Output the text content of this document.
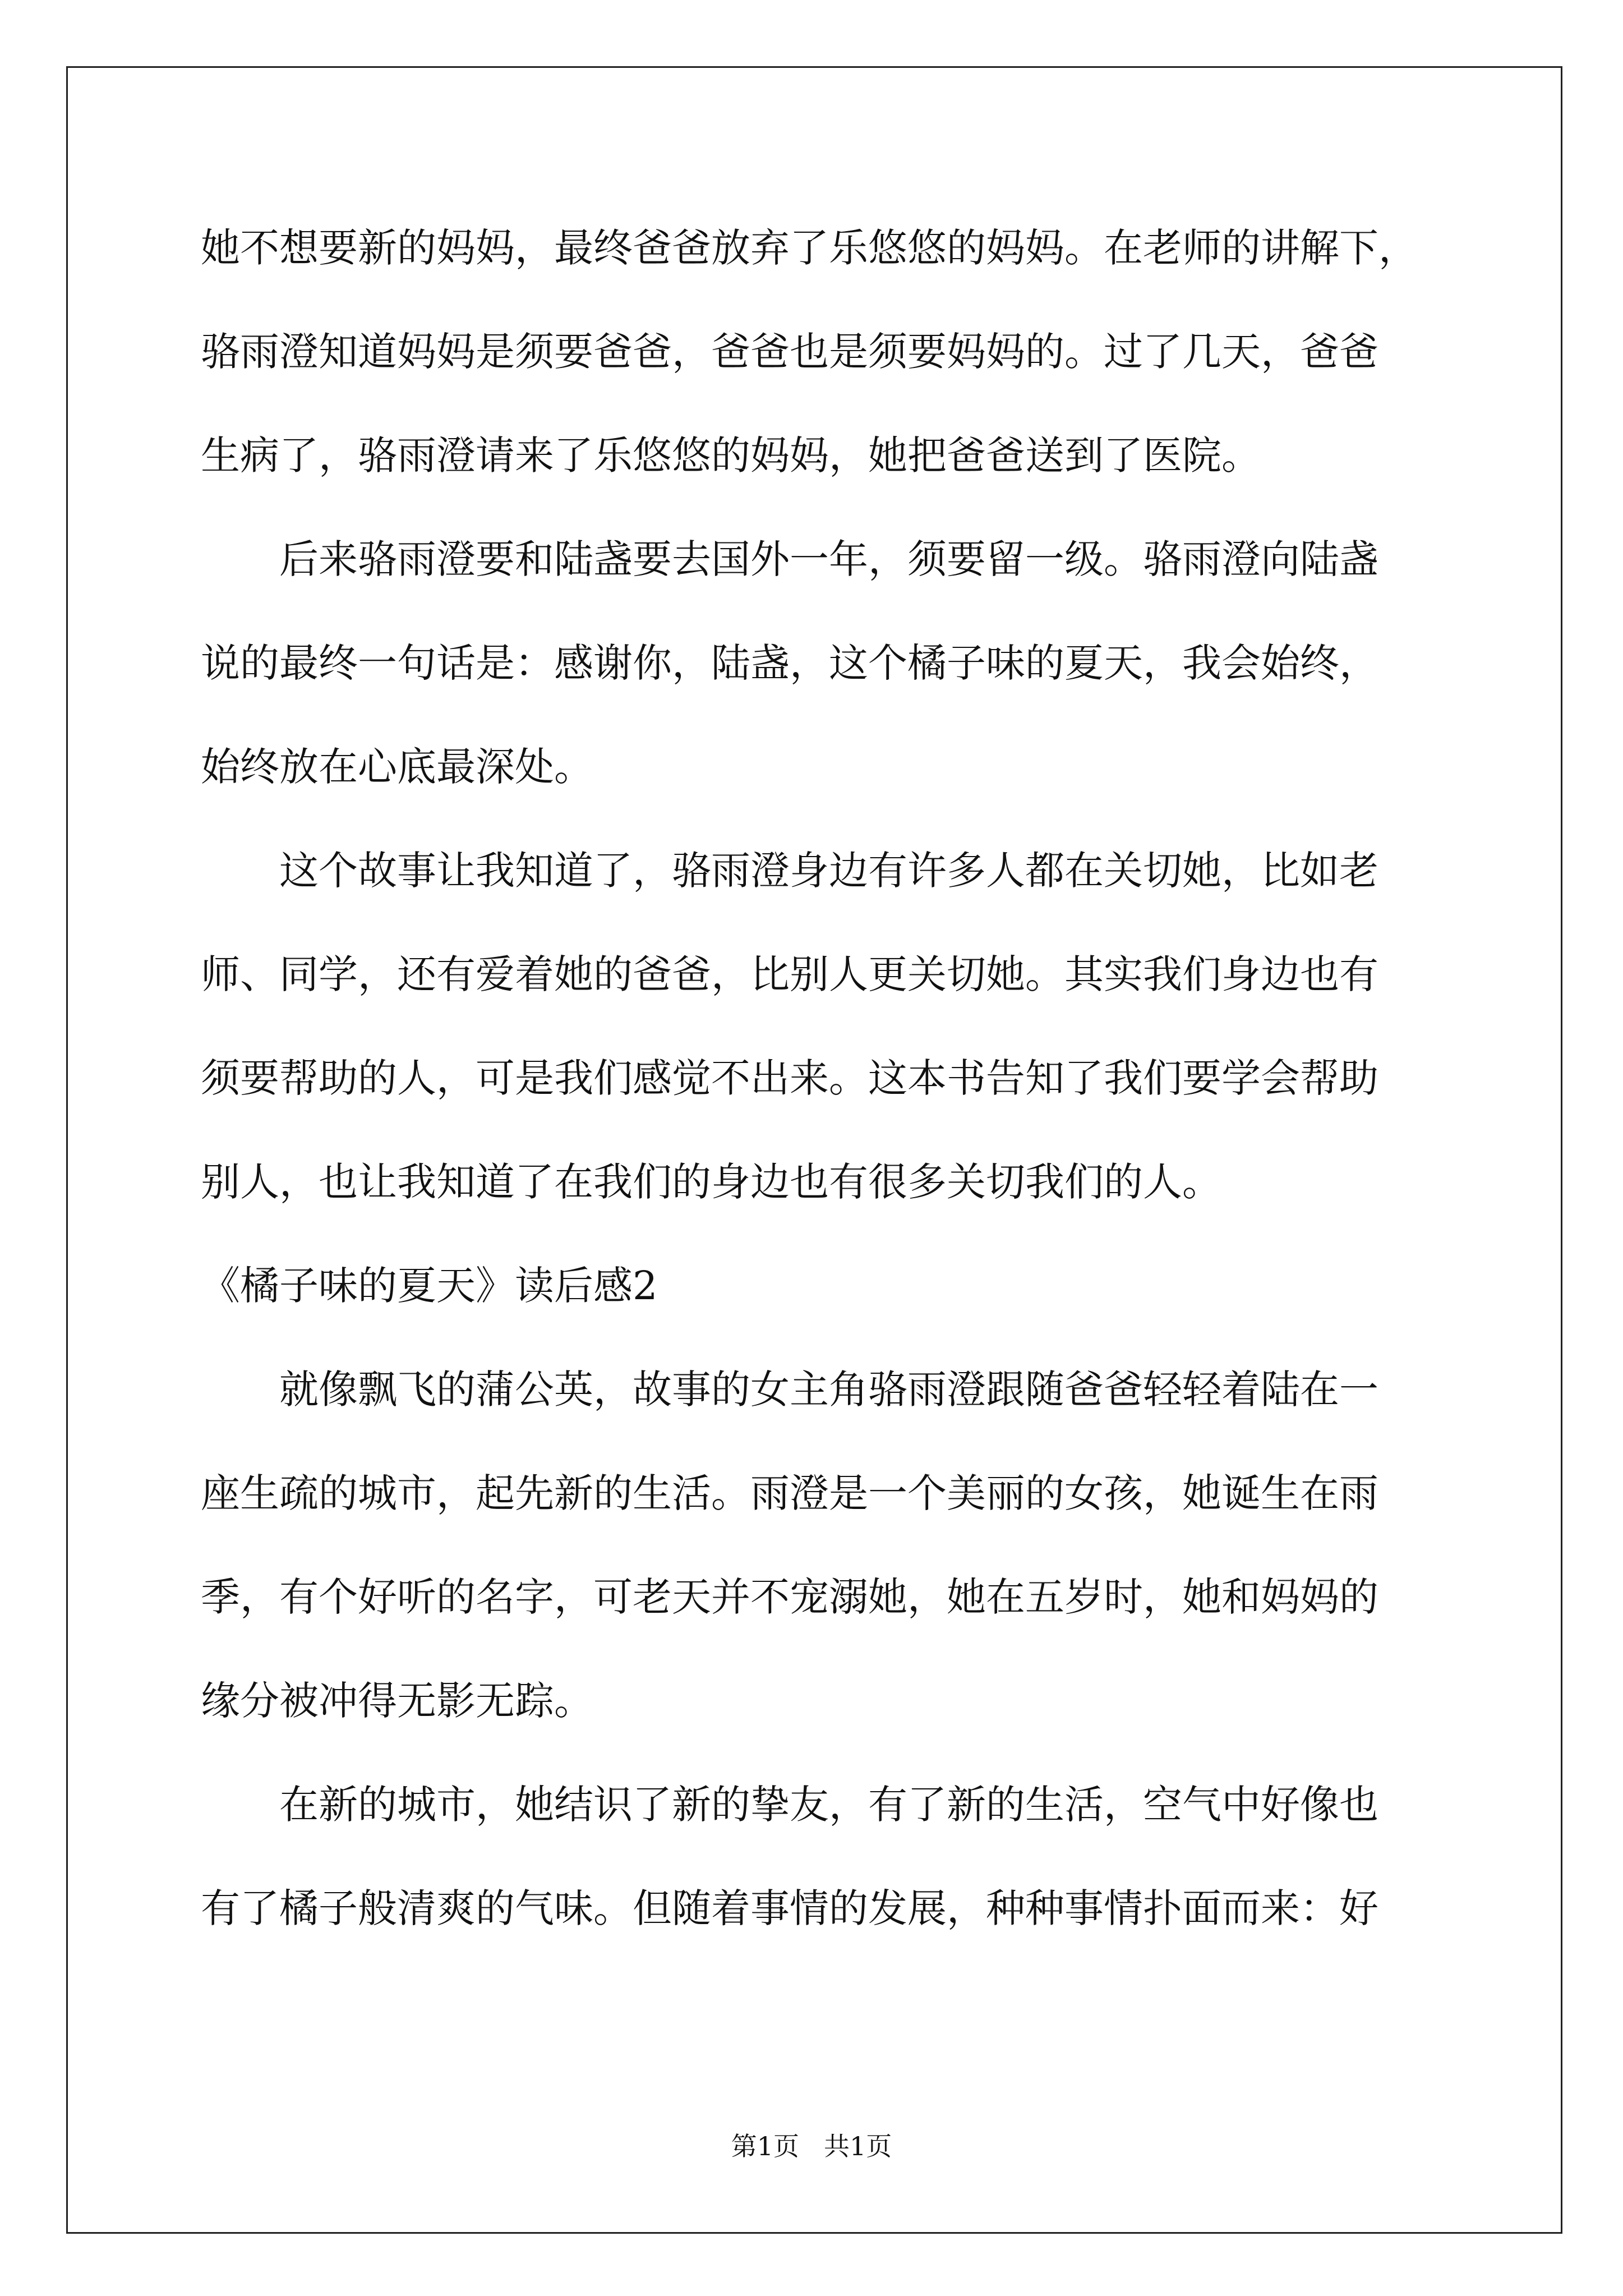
她不想要新的妈妈，最终爸爸放弃了乐悠悠的妈妈。在老师的讲解下，
骆雨澄知道妈妈是须要爸爸，爸爸也是须要妈妈的。过了几天，爸爸
生病了，骆雨澄请来了乐悠悠的妈妈，她把爸爸送到了医院。
后来骆雨澄要和陆盏要去国外一年，须要留一级。骆雨澄向陆盏
说的最终一句话是：感谢你，陆盏，这个橘子味的夏天，我会始终，
始终放在心底最深处。
这个故事让我知道了，骆雨澄身边有许多人都在关切她，比如老
师、同学，还有爱着她的爸爸，比别人更关切她。其实我们身边也有
须要帮助的人，可是我们感觉不出来。这本书告知了我们要学会帮助
别人，也让我知道了在我们的身边也有很多关切我们的人。
《橘子味的夏天》读后感2
就像飘飞的蒲公英，故事的女主角骆雨澄跟随爸爸轻轻着陆在一
座生疏的城市，起先新的生活。雨澄是一个美丽的女孩，她诞生在雨
季，有个好听的名字，可老天并不宠溺她，她在五岁时，她和妈妈的
缘分被冲得无影无踪。
在新的城市，她结识了新的挚友，有了新的生活，空气中好像也
有了橘子般清爽的气味。但随着事情的发展，种种事情扑面而来：好
第1页 共1页
